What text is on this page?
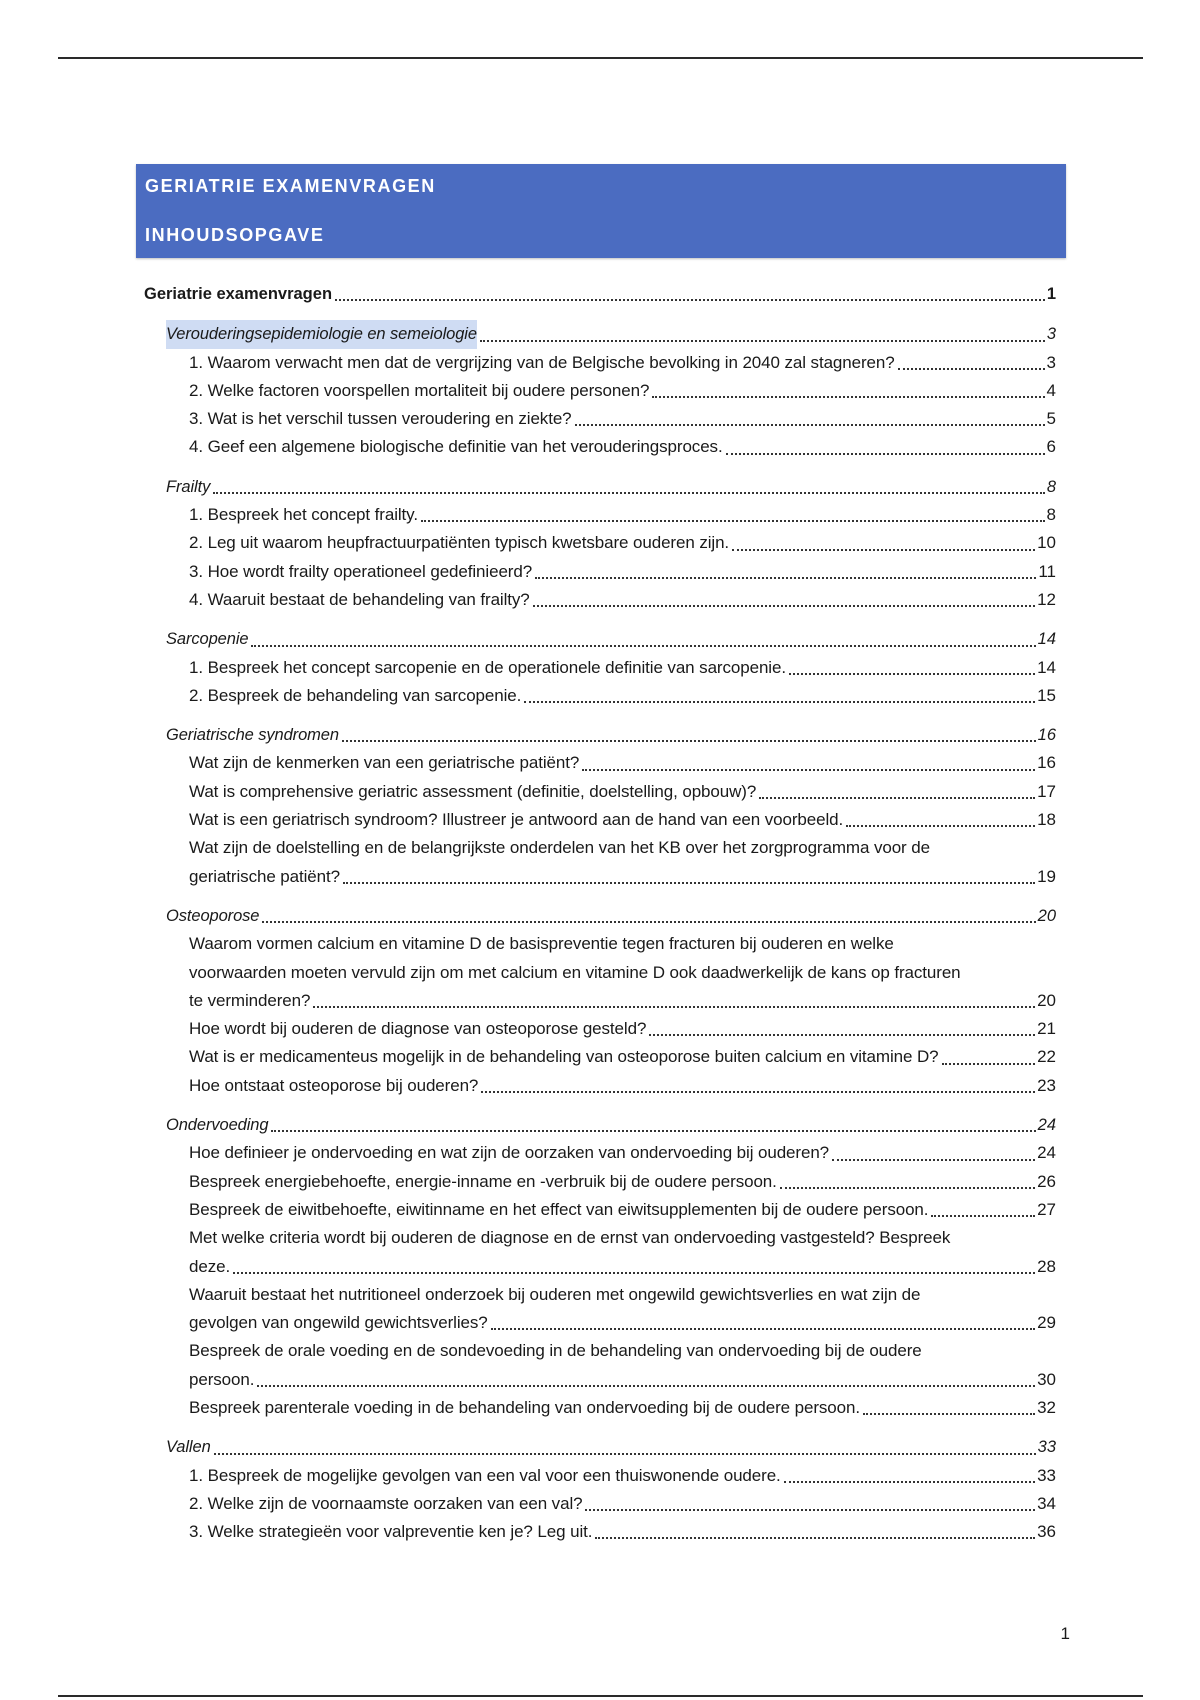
GERIATRIE EXAMENVRAGEN
INHOUDSOPGAVE
Geriatrie examenvragen	1
Verouderingsepidemiologie en semeiologie	3
1. Waarom verwacht men dat de vergrijzing van de Belgische bevolking in 2040 zal stagneren?	3
2. Welke factoren voorspellen mortaliteit bij oudere personen?	4
3. Wat is het verschil tussen veroudering en ziekte?	5
4. Geef een algemene biologische definitie van het verouderingsproces.	6
Frailty	8
1. Bespreek het concept frailty.	8
2. Leg uit waarom heupfractuurpatiënten typisch kwetsbare ouderen zijn.	10
3. Hoe wordt frailty operationeel gedefinieerd?	11
4. Waaruit bestaat de behandeling van frailty?	12
Sarcopenie	14
1. Bespreek het concept sarcopenie en de operationele definitie van sarcopenie.	14
2. Bespreek de behandeling van sarcopenie.	15
Geriatrische syndromen	16
Wat zijn de kenmerken van een geriatrische patiënt?	16
Wat is comprehensive geriatric assessment (definitie, doelstelling, opbouw)?	17
Wat is een geriatrisch syndroom? Illustreer je antwoord aan de hand van een voorbeeld.	18
Wat zijn de doelstelling en de belangrijkste onderdelen van het KB over het zorgprogramma voor de
geriatrische patiënt?	19
Osteoporose	20
Waarom vormen calcium en vitamine D de basispreventie tegen fracturen bij ouderen en welke
voorwaarden moeten vervuld zijn om met calcium en vitamine D ook daadwerkelijk de kans op fracturen
te verminderen?	20
Hoe wordt bij ouderen de diagnose van osteoporose gesteld?	21
Wat is er medicamenteus mogelijk in de behandeling van osteoporose buiten calcium en vitamine D?	22
Hoe ontstaat osteoporose bij ouderen?	23
Ondervoeding	24
Hoe definieer je ondervoeding en wat zijn de oorzaken van ondervoeding bij ouderen?	24
Bespreek energiebehoefte, energie-inname en -verbruik bij de oudere persoon.	26
Bespreek de eiwitbehoefte, eiwitinname en het effect van eiwitsupplementen bij de oudere persoon.	27
Met welke criteria wordt bij ouderen de diagnose en de ernst van ondervoeding vastgesteld? Bespreek
deze.	28
Waaruit bestaat het nutritioneel onderzoek bij ouderen met ongewild gewichtsverlies en wat zijn de
gevolgen van ongewild gewichtsverlies?	29
Bespreek de orale voeding en de sondevoeding in de behandeling van ondervoeding bij de oudere
persoon.	30
Bespreek parenterale voeding in de behandeling van ondervoeding bij de oudere persoon.	32
Vallen	33
1. Bespreek de mogelijke gevolgen van een val voor een thuiswonende oudere.	33
2. Welke zijn de voornaamste oorzaken van een val?	34
3. Welke strategieën voor valpreventie ken je? Leg uit.	36
1
